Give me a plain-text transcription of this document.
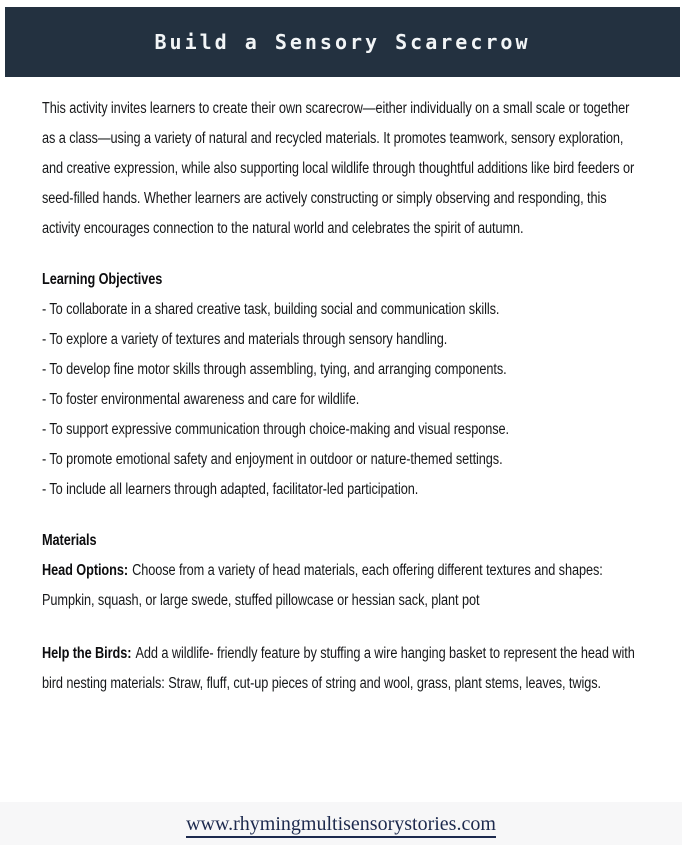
Build a Sensory Scarecrow

This activity invites learners to create their own scarecrow—either individually on a small scale or together as a class—using a variety of natural and recycled materials. It promotes teamwork, sensory exploration, and creative expression, while also supporting local wildlife through thoughtful additions like bird feeders or seed-filled hands. Whether learners are actively constructing or simply observing and responding, this activity encourages connection to the natural world and celebrates the spirit of autumn.

Learning Objectives

- To collaborate in a shared creative task, building social and communication skills.

- To explore a variety of textures and materials through sensory handling.

- To develop fine motor skills through assembling, tying, and arranging components.

- To foster environmental awareness and care for wildlife.

- To support expressive communication through choice-making and visual response.

- To promote emotional safety and enjoyment in outdoor or nature-themed settings.

- To include all learners through adapted, facilitator-led participation.

Materials

Head Options: Choose from a variety of head materials, each offering different textures and shapes: Pumpkin, squash, or large swede, stuffed pillowcase or hessian sack, plant pot

Help the Birds: Add a wildlife- friendly feature by stuffing a wire hanging basket to represent the head with bird nesting materials: Straw, fluff, cut-up pieces of string and wool, grass, plant stems, leaves, twigs.

www.rhymingmultisensorystories.com
